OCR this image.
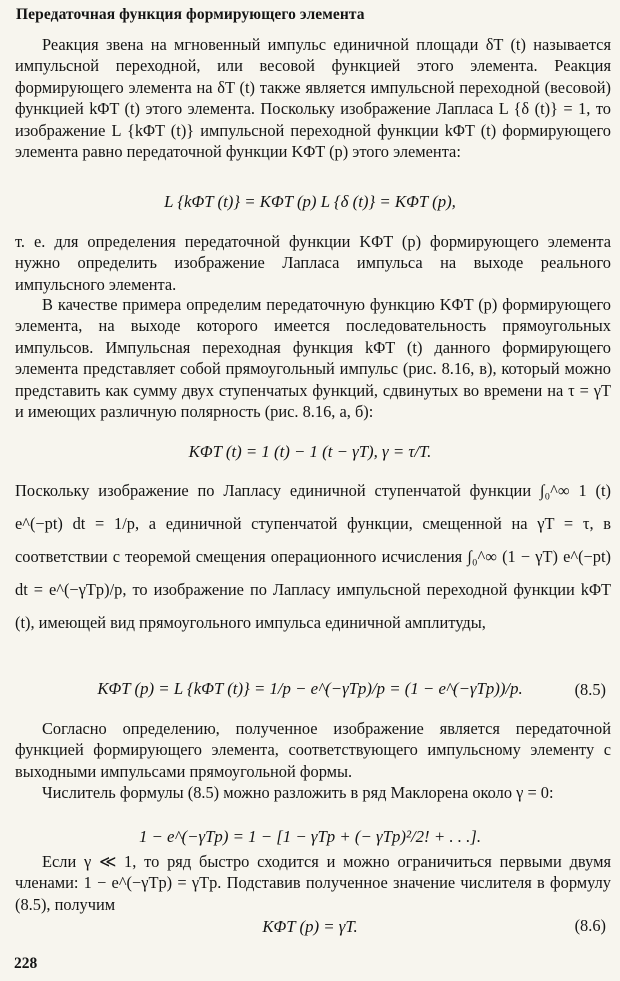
Передаточная функция формирующего элемента
Реакция звена на мгновенный импульс единичной площади δT (t) называется импульсной переходной, или весовой функцией этого элемента. Реакция формирующего элемента на δT (t) также является импульсной переходной (весовой) функцией kΦT (t) этого элемента. Поскольку изображение Лапласа L {δ (t)} = 1, то изображение L {kΦT (t)} импульсной переходной функции kΦT (t) формирующего элемента равно передаточной функции KΦT (p) этого элемента:
L {kΦT (t)} = KΦT (p) L {δ (t)} = KΦT (p),
т. е. для определения передаточной функции KΦT (p) формирующего элемента нужно определить изображение Лапласа импульса на выходе реального импульсного элемента.
В качестве примера определим передаточную функцию KΦT (p) формирующего элемента, на выходе которого имеется последовательность прямоугольных импульсов. Импульсная переходная функция kΦT (t) данного формирующего элемента представляет собой прямоугольный импульс (рис. 8.16, в), который можно представить как сумму двух ступенчатых функций, сдвинутых во времени на τ = γT и имеющих различную полярность (рис. 8.16, а, б):
KΦT (t) = 1 (t) − 1 (t − γT), γ = τ/T.
Поскольку изображение по Лапласу единичной ступенчатой функции ∫₀^∞ 1 (t) e^(−pt) dt = 1/p, а единичной ступенчатой функции, смещенной на γT = τ, в соответствии с теоремой смещения операционного исчисления ∫₀^∞ (1 − γT) e^(−pt) dt = e^(−γTp)/p, то изображение по Лапласу импульсной переходной функции kΦT (t), имеющей вид прямоугольного импульса единичной амплитуды,
KΦT (p) = L {kΦT (t)} = 1/p − e^(−γTp)/p = (1 − e^(−γTp))/p.	(8.5)
Согласно определению, полученное изображение является передаточной функцией формирующего элемента, соответствующего импульсному элементу с выходными импульсами прямоугольной формы.
Числитель формулы (8.5) можно разложить в ряд Маклорена около γ = 0:
1 − e^(−γTp) = 1 − [1 − γTp + (− γTp)²/2! + . . .].
Если γ ≪ 1, то ряд быстро сходится и можно ограничиться первыми двумя членами: 1 − e^(−γTp) = γTp. Подставив полученное значение числителя в формулу (8.5), получим
KΦT (p) = γT.	(8.6)
228
